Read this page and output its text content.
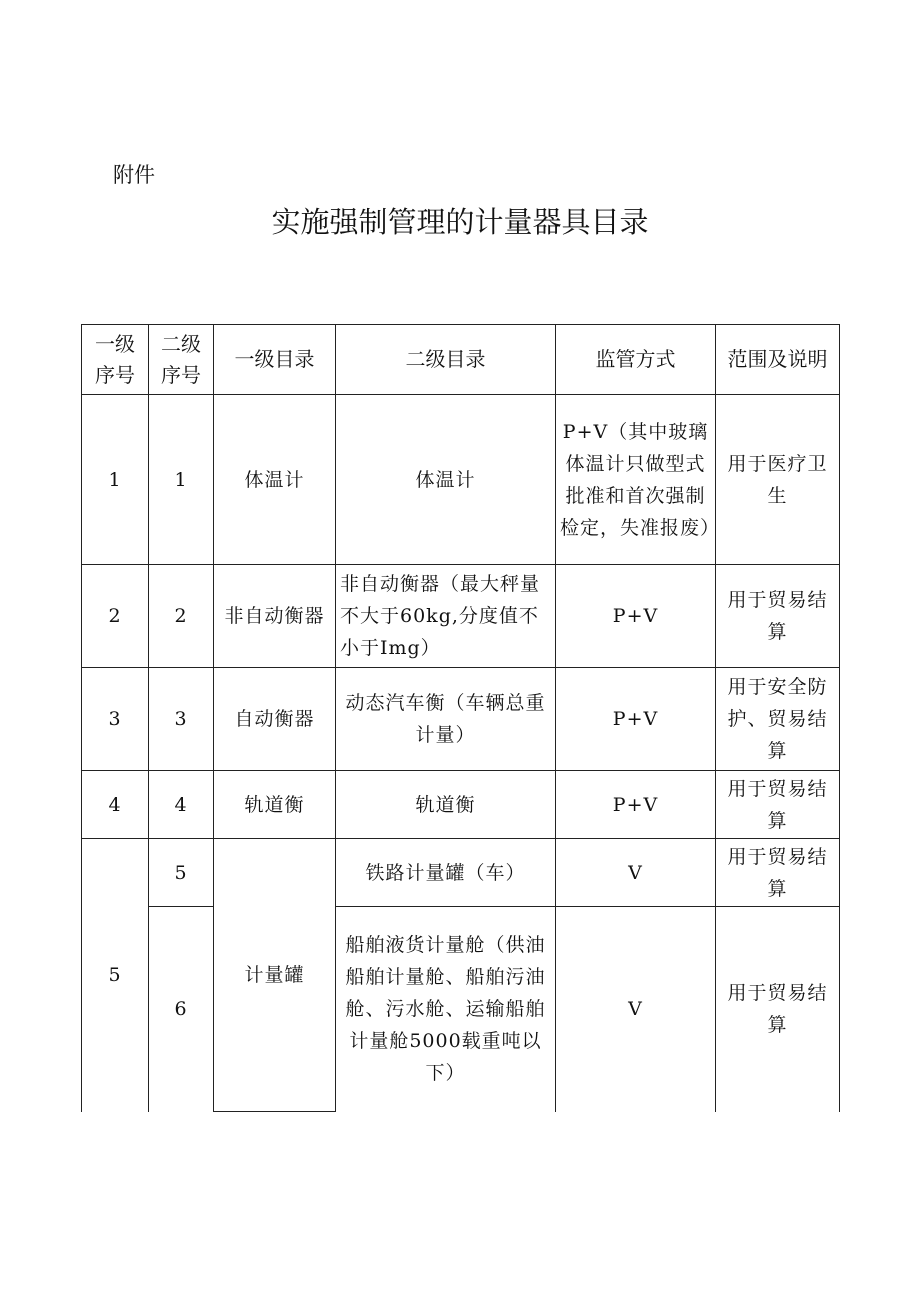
附件
实施强制管理的计量器具目录
一级序号	二级序号	一级目录	二级目录	监管方式	范围及说明
1	1	体温计	体温计	P+V（其中玻璃体温计只做型式批准和首次强制检定，失准报废）	用于医疗卫生
2	2	非自动衡器	非自动衡器（最大秤量不大于60kg,分度值不小于Img）	P+V	用于贸易结算
3	3	自动衡器	动态汽车衡（车辆总重计量）	P+V	用于安全防护、贸易结算
4	4	轨道衡	轨道衡	P+V	用于贸易结算
5	5	计量罐	铁路计量罐（车）	V	用于贸易结算
	6		船舶液货计量舱（供油船舶计量舱、船舶污油舱、污水舱、运输船舶计量舱5000载重吨以下）	V	用于贸易结算
